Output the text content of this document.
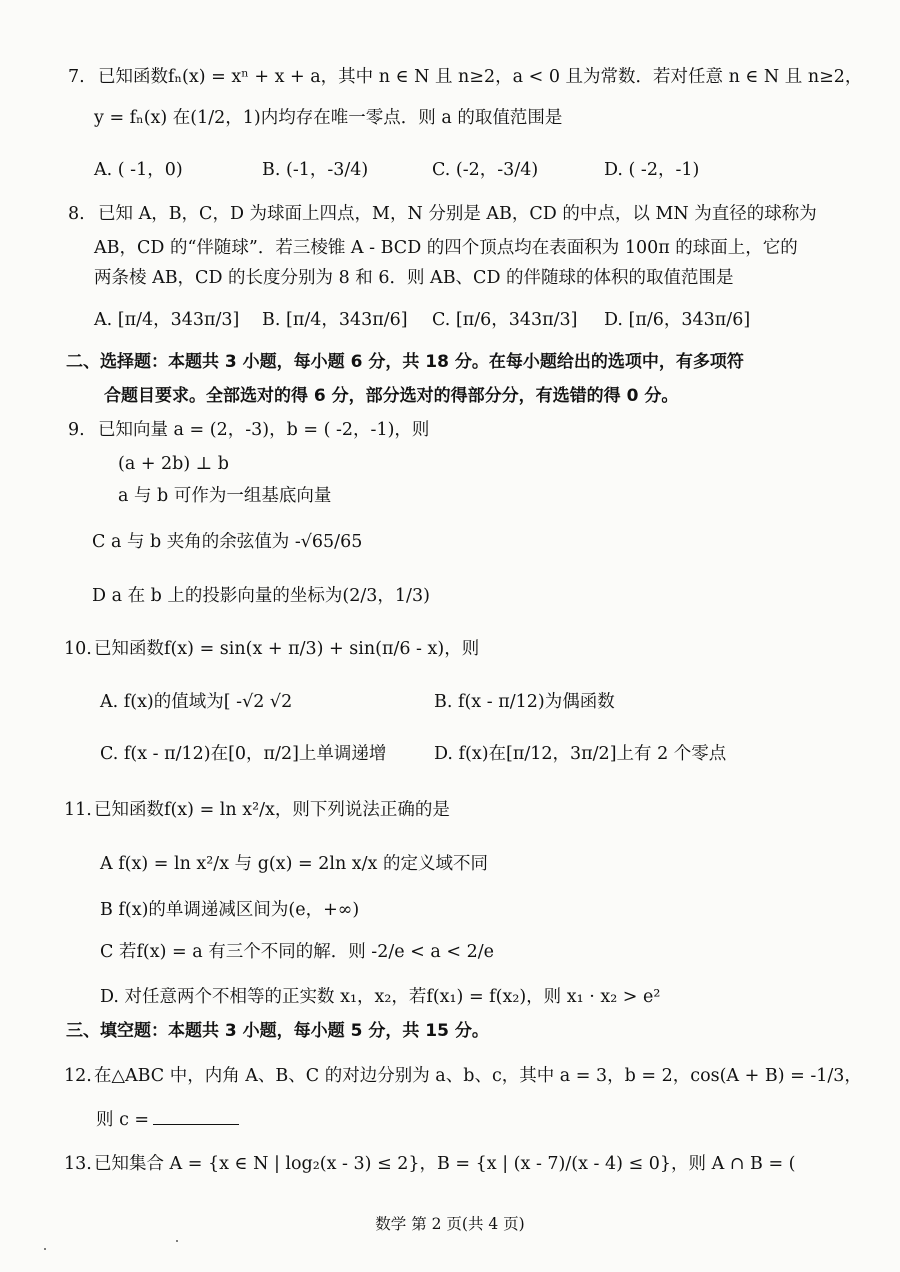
7. 已知函数fₙ(x) = xⁿ + x + a，其中 n ∈ N 且 n≥2，a < 0 且为常数．若对任意 n ∈ N 且 n≥2，
y = fₙ(x) 在(1/2，1)内均存在唯一零点．则 a 的取值范围是
A. ( -1，0)	B. (-1，-3/4)	C. (-2，-3/4)	D. ( -2，-1)
8. 已知 A，B，C，D 为球面上四点，M，N 分别是 AB，CD 的中点，以 MN 为直径的球称为
AB，CD 的“伴随球”．若三棱锥 A - BCD 的四个顶点均在表面积为 100π 的球面上，它的
两条棱 AB，CD 的长度分别为 8 和 6．则 AB、CD 的伴随球的体积的取值范围是
A. [π/4，343π/3] B. [π/4，343π/6] C. [π/6，343π/3] D. [π/6，343π/6]
二、选择题：本题共 3 小题，每小题 6 分，共 18 分。在每小题给出的选项中，有多项符
合题目要求。全部选对的得 6 分，部分选对的得部分分，有选错的得 0 分。
9. 已知向量 a = (2，-3)，b = ( -2，-1)，则
(a + 2b) ⊥ b
a 与 b 可作为一组基底向量
C a 与 b 夹角的余弦值为 -√65/65
D a 在 b 上的投影向量的坐标为(2/3，1/3)
10. 已知函数f(x) = sin(x + π/3) + sin(π/6 - x)，则
A. f(x)的值域为[ -√2 √2	B. f(x - π/12)为偶函数
C. f(x - π/12)在[0，π/2]上单调递增	D. f(x)在[π/12，3π/2]上有 2 个零点
11. 已知函数f(x) = ln x²/x，则下列说法正确的是
A f(x) = ln x²/x 与 g(x) = 2ln x/x 的定义域不同
B f(x)的单调递减区间为(e，+∞)
C 若f(x) = a 有三个不同的解．则 -2/e < a < 2/e
D. 对任意两个不相等的正实数 x₁，x₂，若f(x₁) = f(x₂)，则 x₁ · x₂ > e²
三、填空题：本题共 3 小题，每小题 5 分，共 15 分。
12. 在△ABC 中，内角 A、B、C 的对边分别为 a、b、c，其中 a = 3，b = 2，cos(A + B) = -1/3，
则 c =
13. 已知集合 A = {x ∈ N | log₂(x - 3) ≤ 2}，B = {x | (x - 7)/(x - 4) ≤ 0}，则 A ∩ B = (
数学 第 2 页(共 4 页)
